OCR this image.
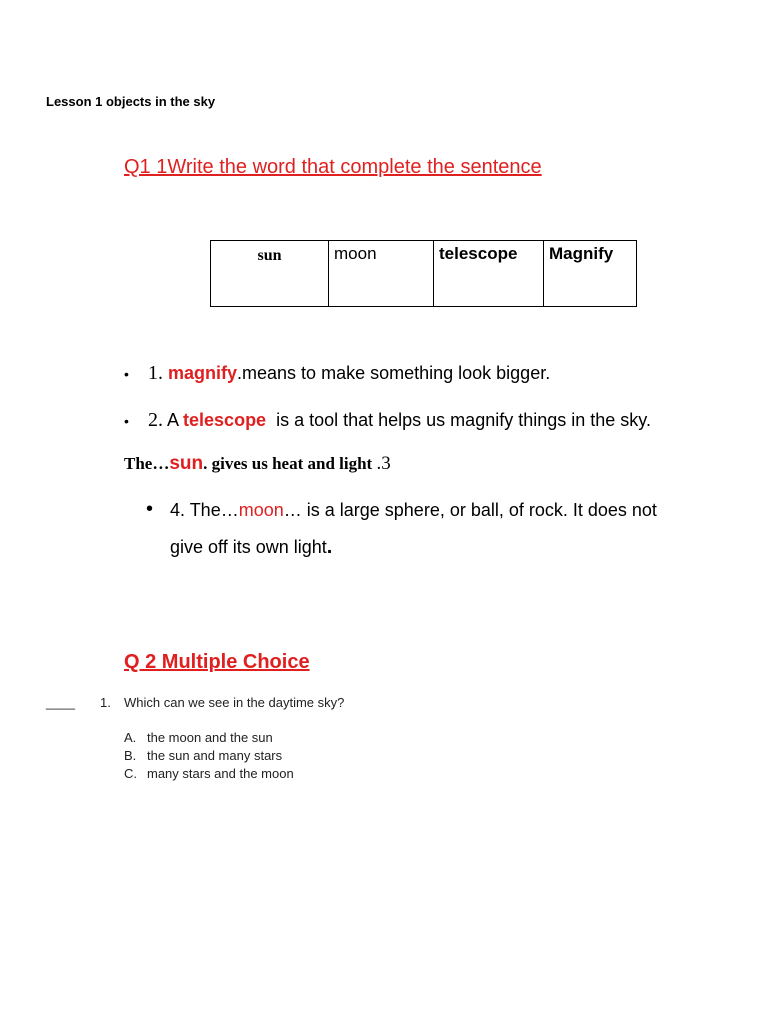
Lesson 1 objects in the sky
Q1 1Write the word that complete the sentence
sun	moon	telescope	Magnify
• 1. magnify.means to make something look bigger.
• 2. A telescope  is a tool that helps us magnify things in the sky.
The…sun. gives us heat and light .3
• 4. The…moon… is a large sphere, or ball, of rock. It does not
give off its own light.
Q 2 Multiple Choice
____ 1. Which can we see in the daytime sky?
A. the moon and the sun
B. the sun and many stars
C. many stars and the moon
